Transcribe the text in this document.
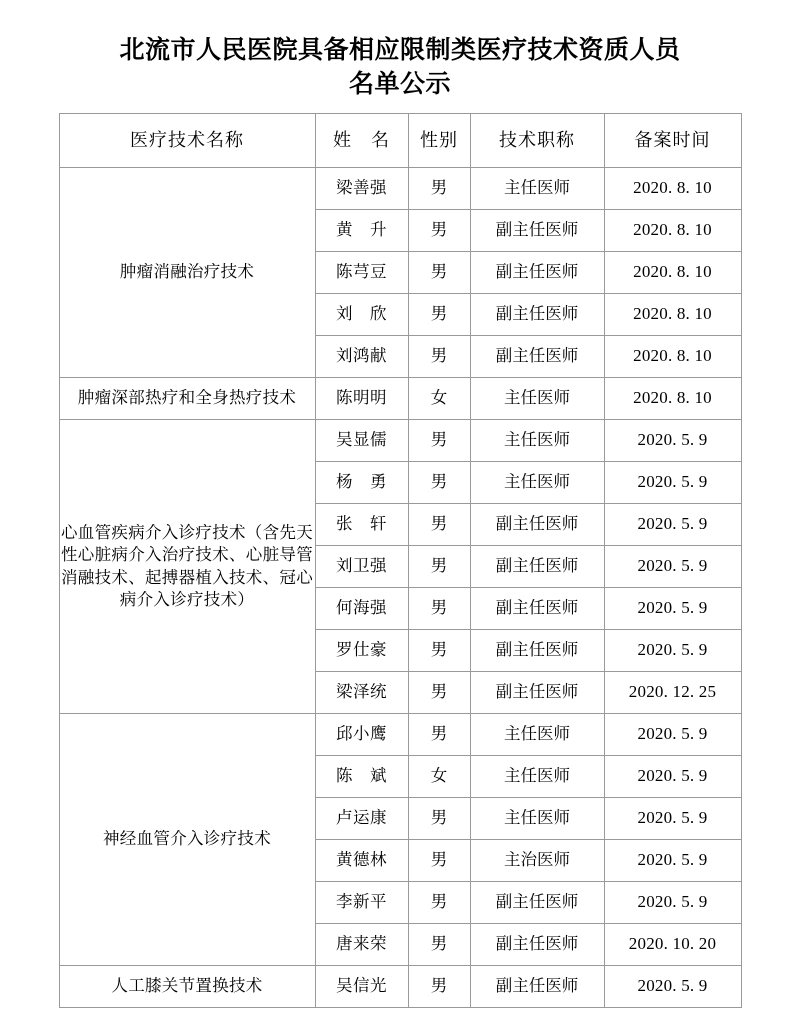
北流市人民医院具备相应限制类医疗技术资质人员
名单公示
医疗技术名称	姓　名	性别	技术职称	备案时间
肿瘤消融治疗技术	梁善强	男	主任医师	2020. 8. 10
	黄　升	男	副主任医师	2020. 8. 10
	陈芎豆	男	副主任医师	2020. 8. 10
	刘　欣	男	副主任医师	2020. 8. 10
	刘鸿献	男	副主任医师	2020. 8. 10
肿瘤深部热疗和全身热疗技术	陈明明	女	主任医师	2020. 8. 10
心血管疾病介入诊疗技术（含先天性心脏病介入治疗技术、心脏导管消融技术、起搏器植入技术、冠心病介入诊疗技术）	吴显儒	男	主任医师	2020. 5. 9
	杨　勇	男	主任医师	2020. 5. 9
	张　轩	男	副主任医师	2020. 5. 9
	刘卫强	男	副主任医师	2020. 5. 9
	何海强	男	副主任医师	2020. 5. 9
	罗仕豪	男	副主任医师	2020. 5. 9
	梁泽统	男	副主任医师	2020. 12. 25
神经血管介入诊疗技术	邱小鹰	男	主任医师	2020. 5. 9
	陈　斌	女	主任医师	2020. 5. 9
	卢运康	男	主任医师	2020. 5. 9
	黄德林	男	主治医师	2020. 5. 9
	李新平	男	副主任医师	2020. 5. 9
	唐来荣	男	副主任医师	2020. 10. 20
人工膝关节置换技术	吴信光	男	副主任医师	2020. 5. 9
